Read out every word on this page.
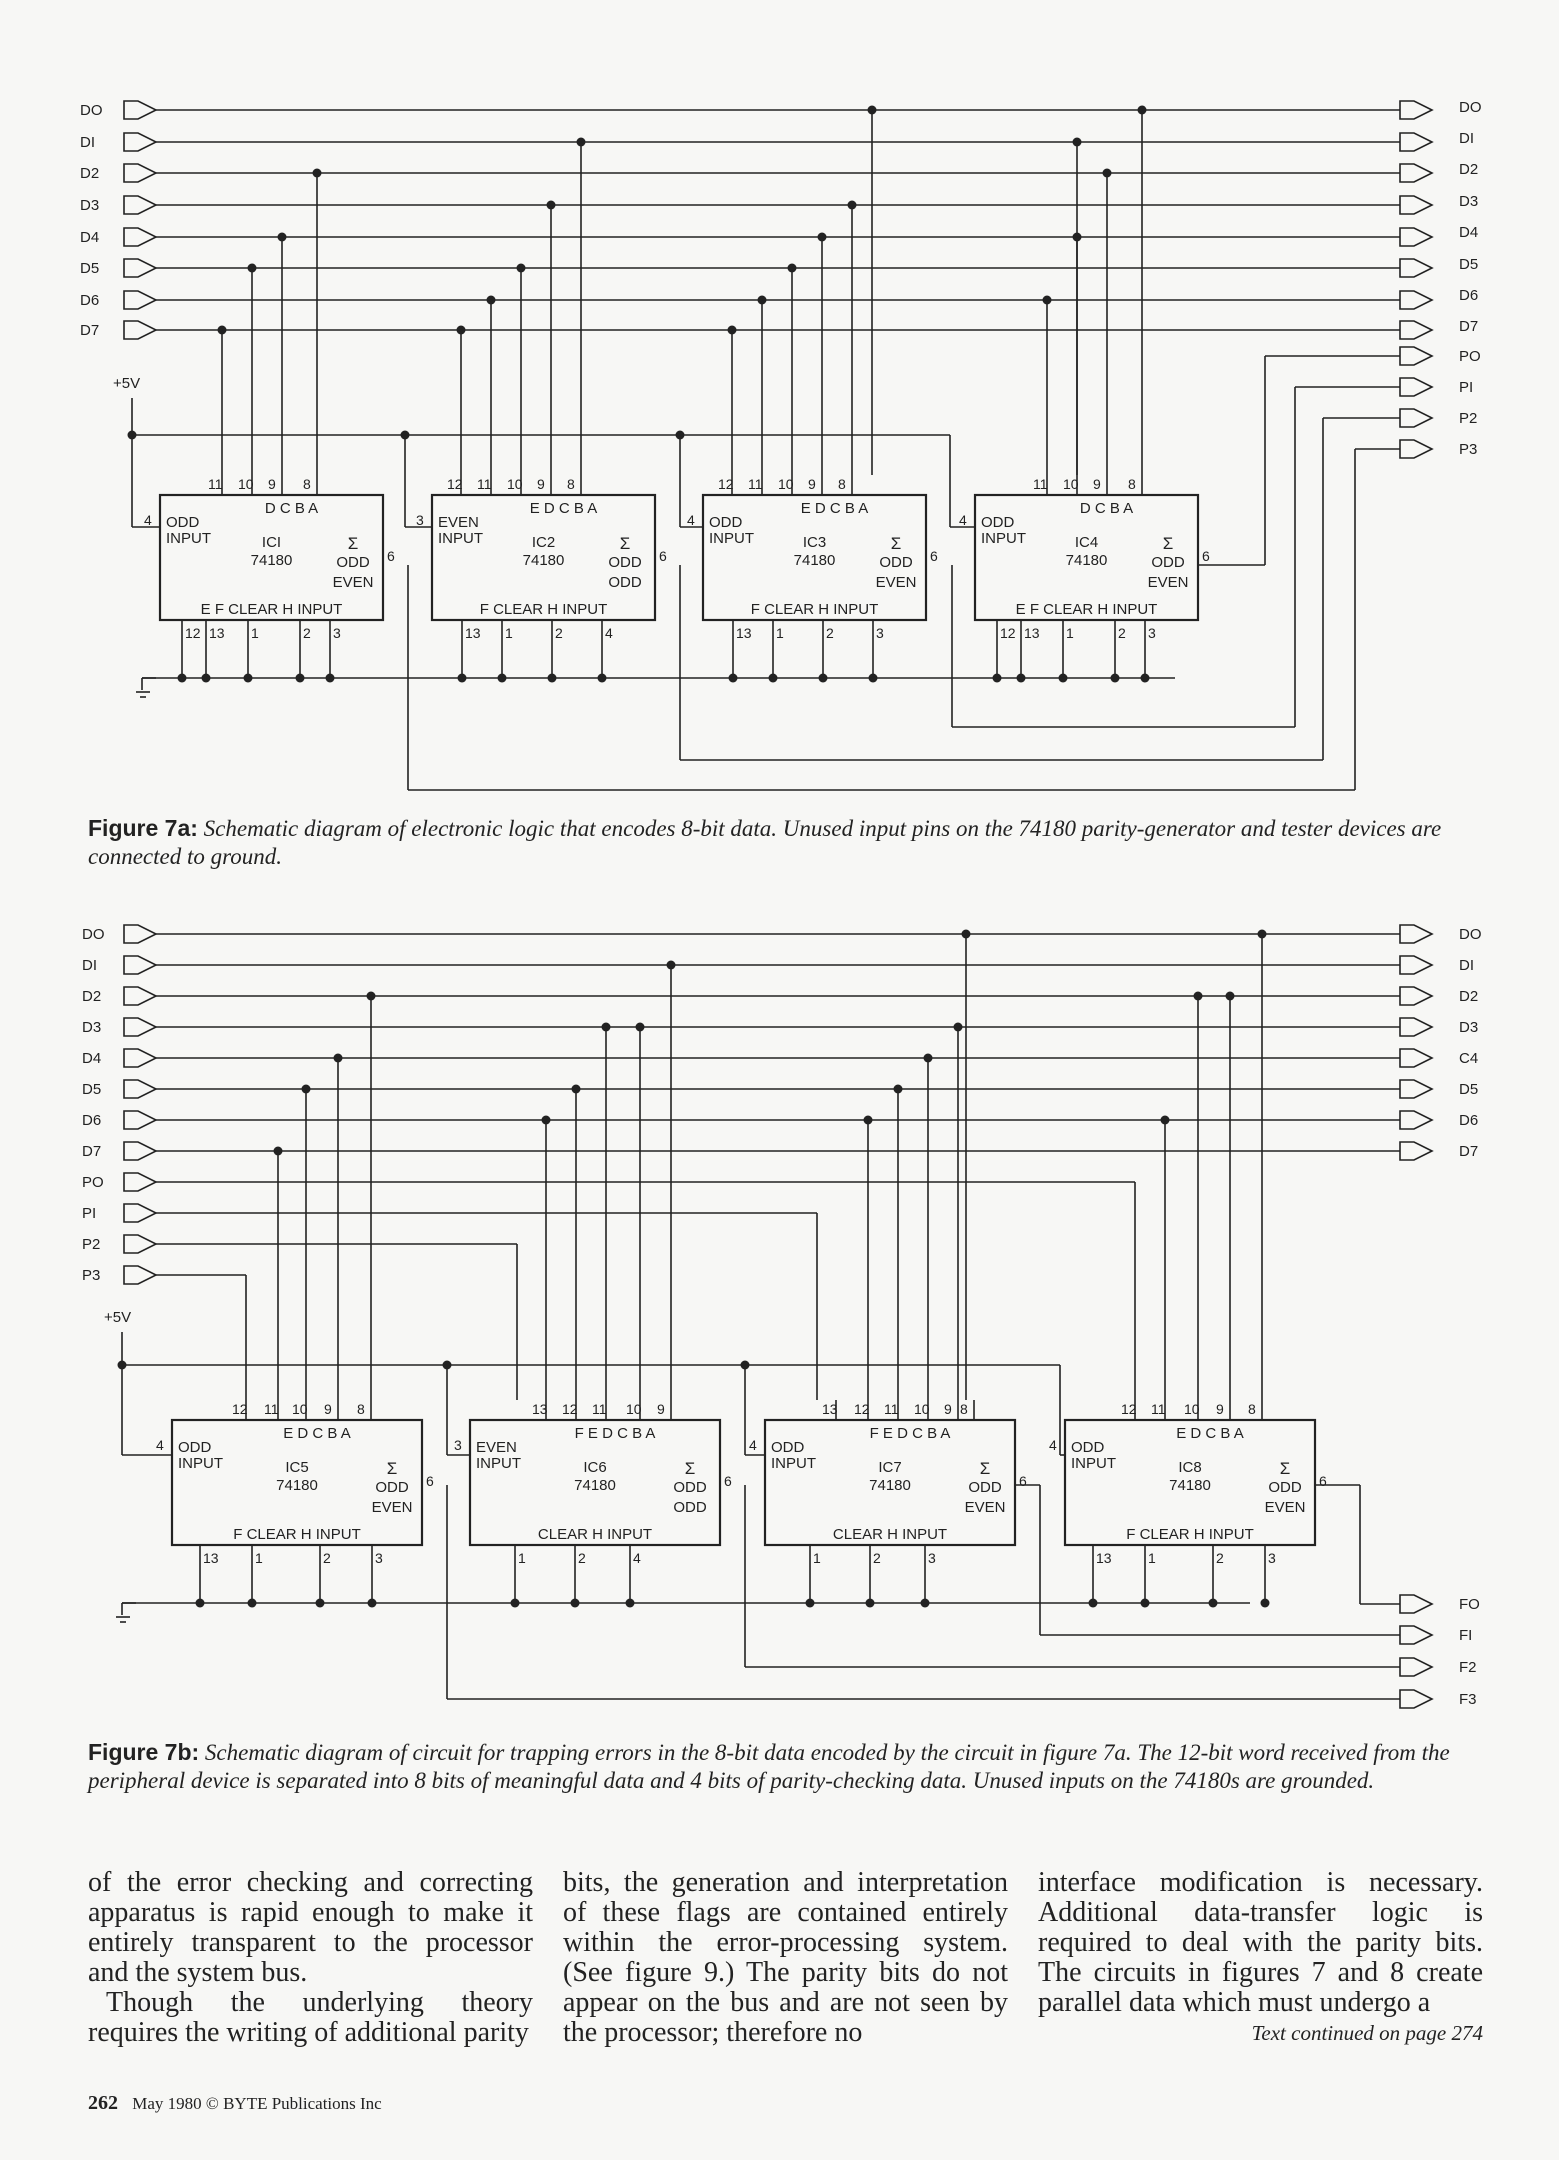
DO
DI
D2
D3
D4
D5
D6
D7
DO
DI
D2
D3
D4
D5
D6
D7
PO
PI
P2
P3
+5V
11 10 9 8
D C B A
ODD
INPUT
4
ICI
74180
Σ
ODD
EVEN
6
E F CLEAR H INPUT
12 13 1	2 3
12 11 10 9 8
E D C B A
EVEN
INPUT
3
IC2
74180
Σ
ODD
ODD
6
F CLEAR H INPUT
13 1	2	4
12 11 10 9 8
E D C B A
ODD
INPUT
4
IC3
74180
Σ
ODD
EVEN
6
F CLEAR H INPUT
13 1	2	3
11 10 9 8
D C B A
ODD
INPUT
4
IC4
74180
Σ
ODD
EVEN
6
E F CLEAR H INPUT
12 13 1	2 3
Figure 7a: Schematic diagram of electronic logic that encodes 8-bit data. Unused input pins on the 74180 parity-generator and tester devices are connected to ground.
DO
DI
D2
D3
D4
D5
D6
D7
PO
PI
P2
P3
DO
DI
D2
D3
C4
D5
D6
D7
+5V
12 11 10 9 8
E D C B A
ODD
INPUT
4
IC5
74180
Σ
ODD
EVEN
6
F CLEAR H INPUT
13	1	2	3
13 12 11 10 9
F E D C B A
EVEN
INPUT
3
IC6
74180
Σ
ODD
ODD
6
CLEAR H INPUT
1	2	4
13 12 11 10 9 8
F E D C B A
ODD
INPUT
4
IC7
74180
Σ
ODD
EVEN
6
CLEAR H INPUT
1	2	3
12 11 10 9 8
E D C B A
ODD
INPUT
4
IC8
74180
Σ
ODD
EVEN
6
F CLEAR H INPUT
13	1	2	3
FO
FI
F2
F3
Figure 7b: Schematic diagram of circuit for trapping errors in the 8-bit data encoded by the circuit in figure 7a. The 12-bit word received from the peripheral device is separated into 8 bits of meaningful data and 4 bits of parity-checking data. Unused inputs on the 74180s are grounded.

of the error checking and correcting apparatus is rapid enough to make it entirely transparent to the processor and the system bus.

Though the underlying theory requires the writing of additional parity

bits, the generation and interpretation of these flags are contained entirely within the error-processing system. (See figure 9.) The parity bits do not appear on the bus and are not seen by the processor; therefore no

interface modification is necessary. Additional data-transfer logic is required to deal with the parity bits. The circuits in figures 7 and 8 create parallel data which must undergo a

Text continued on page 274
262 May 1980 © BYTE Publications Inc
